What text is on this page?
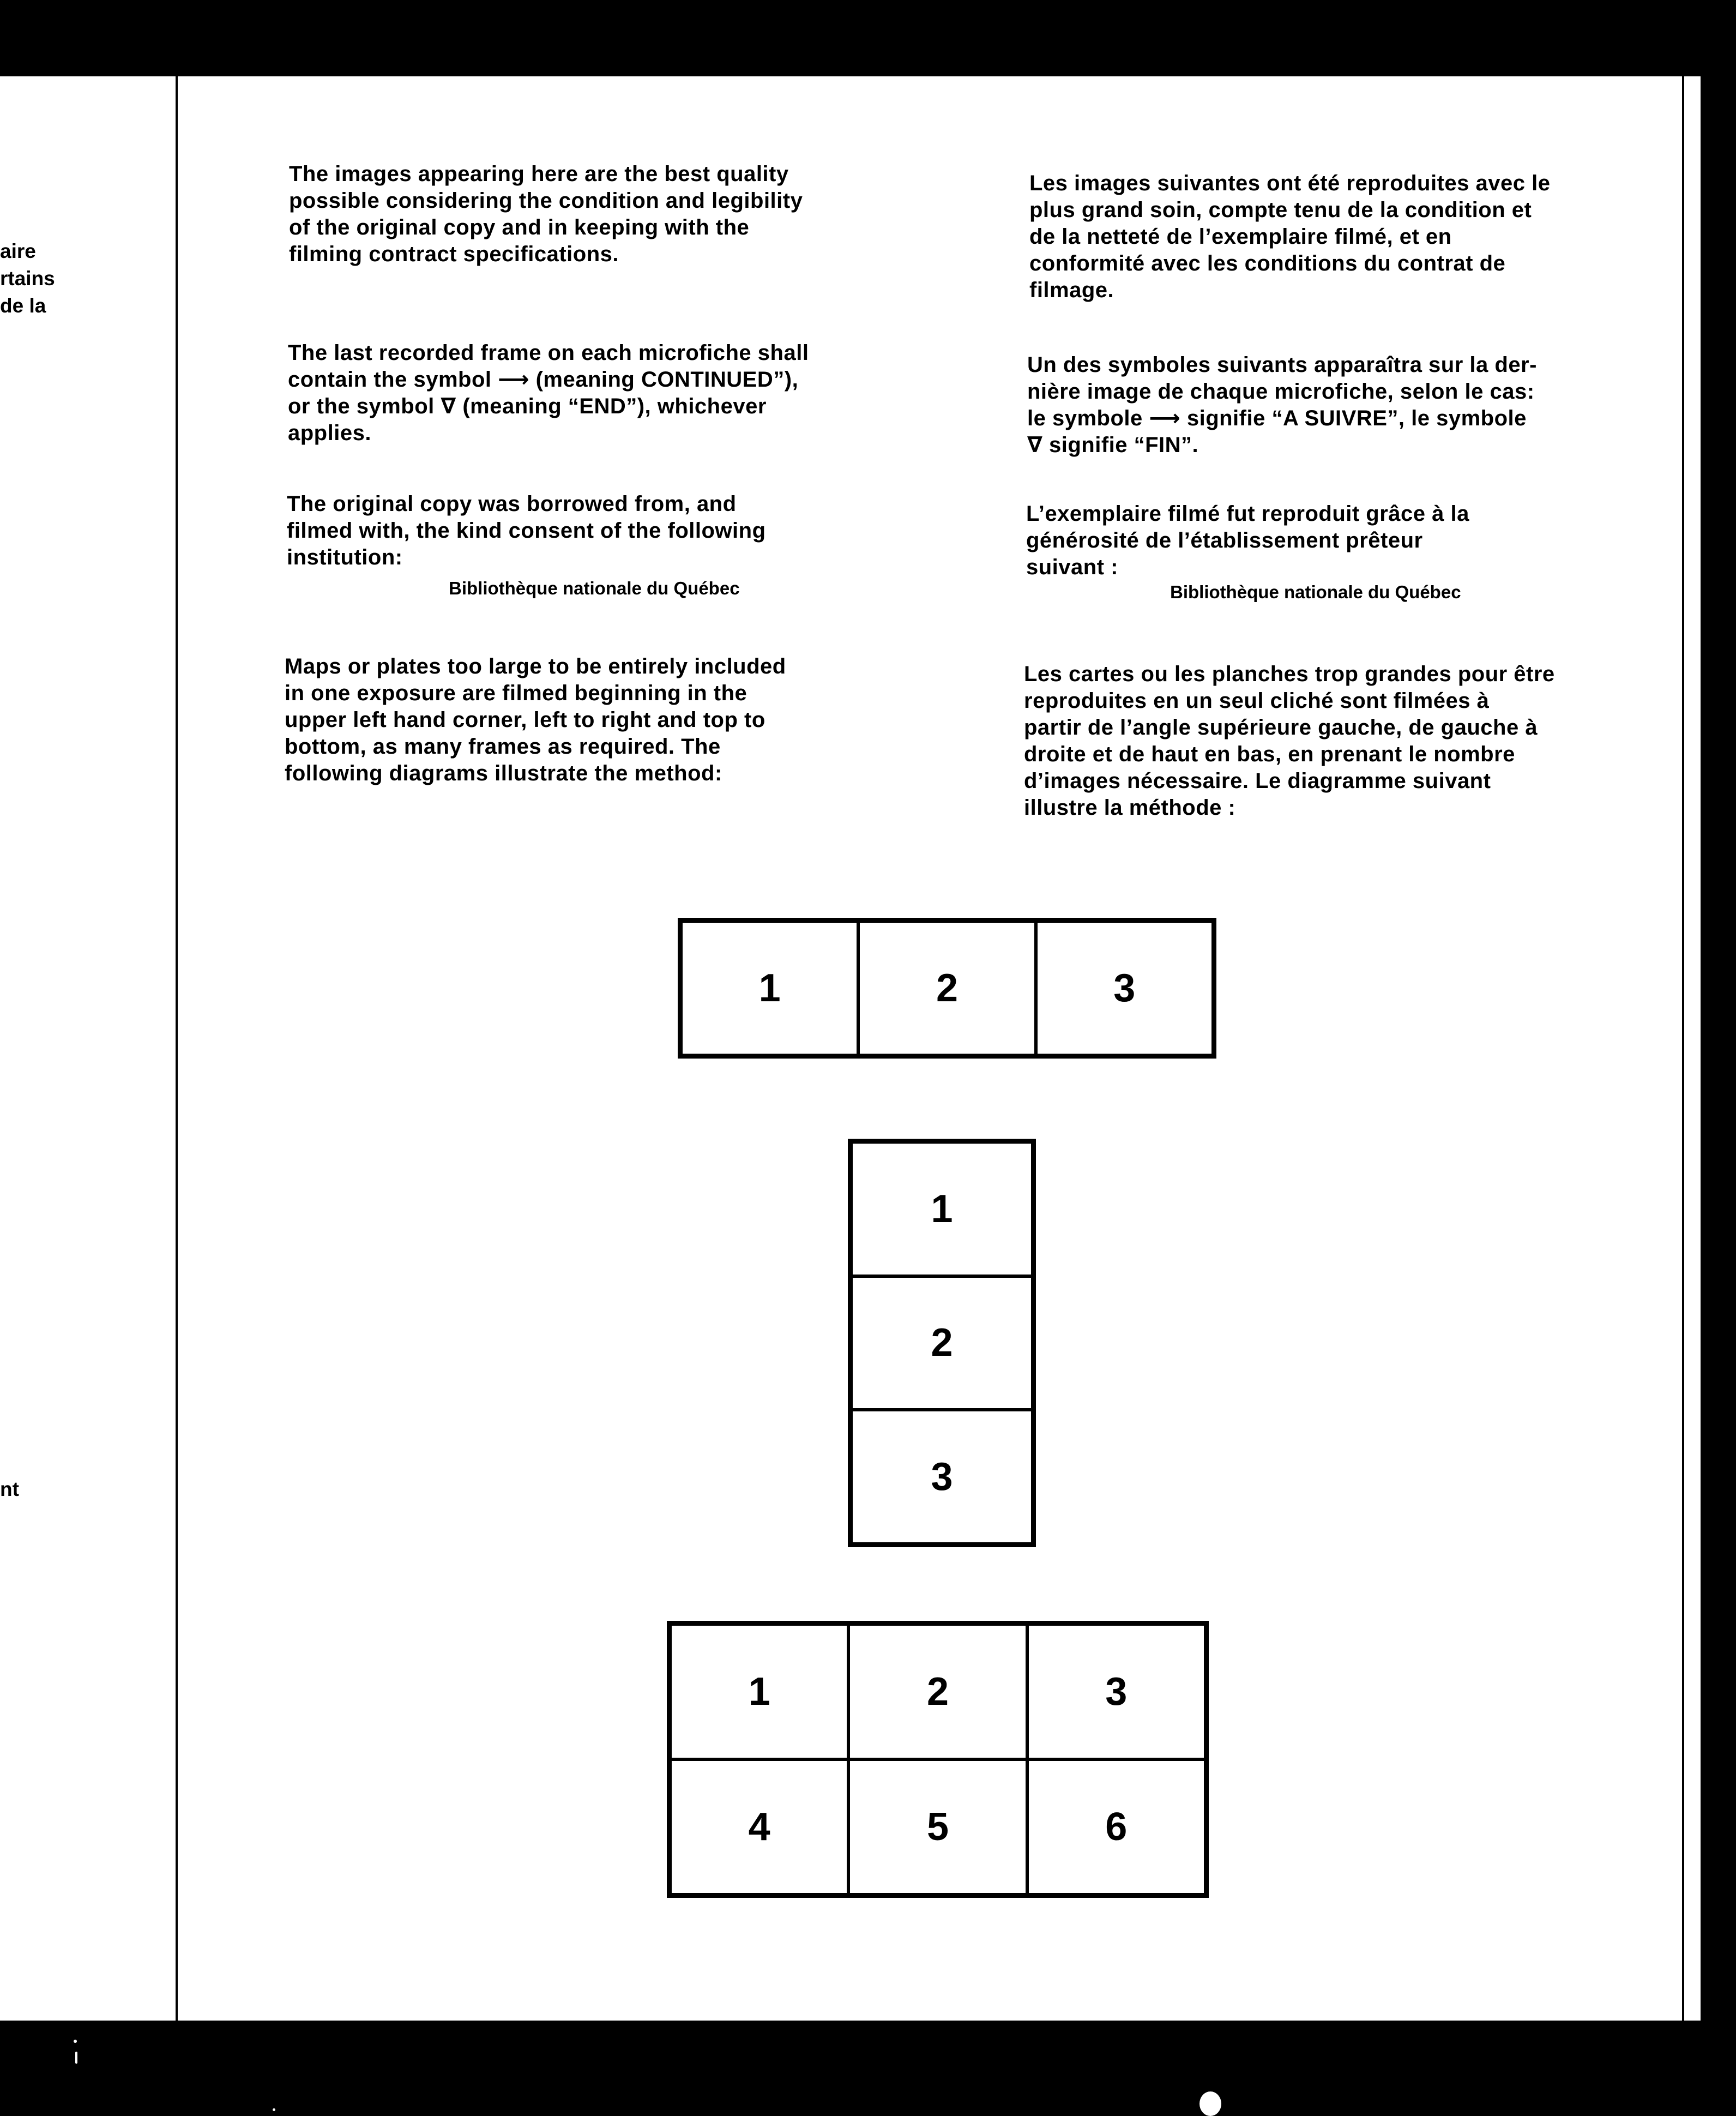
aire
rtains
de la
nt
The images appearing here are the best quality
possible considering the condition and legibility
of the original copy and in keeping with the
filming contract specifications.
The last recorded frame on each microfiche shall
contain the symbol ⟶ (meaning CONTINUED”),
or the symbol ∇ (meaning “END”), whichever
applies.
The original copy was borrowed from, and
filmed with, the kind consent of the following
institution:
Bibliothèque nationale du Québec
Maps or plates too large to be entirely included
in one exposure are filmed beginning in the
upper left hand corner, left to right and top to
bottom, as many frames as required. The
following diagrams illustrate the method:
Les images suivantes ont été reproduites avec le
plus grand soin, compte tenu de la condition et
de la netteté de l’exemplaire filmé, et en
conformité avec les conditions du contrat de
filmage.
Un des symboles suivants apparaîtra sur la der-
nière image de chaque microfiche, selon le cas:
le symbole ⟶ signifie “A SUIVRE”, le symbole
∇ signifie “FIN”.
L’exemplaire filmé fut reproduit grâce à la
générosité de l’établissement prêteur
suivant :
Bibliothèque nationale du Québec
Les cartes ou les planches trop grandes pour être
reproduites en un seul cliché sont filmées à
partir de l’angle supérieure gauche, de gauche à
droite et de haut en bas, en prenant le nombre
d’images nécessaire. Le diagramme suivant
illustre la méthode :
1	2	3
1
2
3
1	2	3
4	5	6
